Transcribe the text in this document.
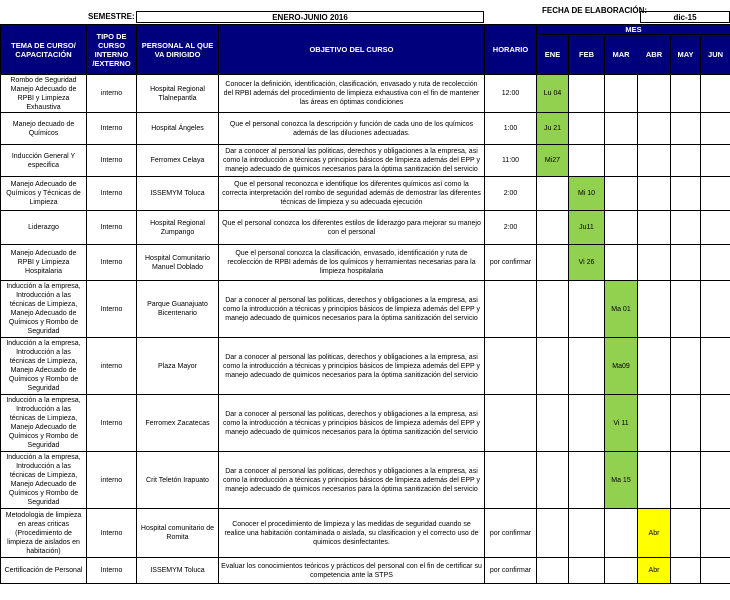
SEMESTRE:	ENERO-JUNIO 2016
FECHA DE ELABORACIÓN:
dic-15
TEMA DE CURSO/ CAPACITACIÓN	TIPO DE CURSO INTERNO /EXTERNO	PERSONAL AL QUE VA DIRIGIDO	OBJETIVO DEL CURSO	HORARIO	MES					
					ENE	FEB	MAR	ABR	MAY	JUN
Rombo de Seguridad Manejo Adecuado de RPBI y Limpieza Exhaustiva	interno	Hospital Regional Tlalnepantla	Conocer la definición, identificación, clasificación, envasado y ruta de recolección del RPBI además del procedimiento de limpieza exhaustiva con el fin de mantener las áreas en óptimas condiciones	12:00	Lu 04					
Manejo decuado de Químicos	Interno	Hospital Ángeles	Que el personal conozca la descripción y función de cada uno de los químicos además de las diluciones adecuadas.	1:00	Ju 21					
Inducción General Y especifica	Interno	Ferromex Celaya	Dar a conocer al personal las politicas, derechos y obligaciones a la empresa, asi como la introducción a técnicas y principios básicos de limpieza además del EPP y manejo adecuado de quimicos necesarios para la óptima sanitización del servicio	11:00	Mi27					
Manejo Adecuado de Químicos y Técnicas de Limpieza	Interno	ISSEMYM Toluca	Que el personal reconozca e identifique los diferentes químicos así como la correcta interpretación del rombo de seguridad además de demostrar las diferentes técnicas de limpieza y su adecuada ejecución	2:00		Mi 10				
Liderazgo	Interno	Hospital Regional Zumpango	Que el personal conozca los diferentes estilos de liderazgo para mejorar su manejo con el personal	2:00		Ju11				
Manejo Adecuado de RPBI y Limpieza Hospitalaria	Interno	Hospital Comunitario Manuel Doblado	Que el personal conozca la clasificación, envasado, identificación y ruta de recolección de RPBI además de los químicos y herramientas necesarias para la limpieza hospitalaria	por confirmar		Vi 26				
Inducción a la empresa, Introducción a las técnicas de Limpieza, Manejo Adecuado de Químicos y Rombo de Seguridad	Interno	Parque Guanajuato Bicentenario	Dar a conocer al personal las politicas, derechos y obligaciones a la empresa, asi como la introducción a técnicas y principios básicos de limpieza además del EPP y manejo adecuado de quimicos necesarios para la óptima sanitización del servicio				Ma 01			
Inducción a la empresa, Introducción a las técnicas de Limpieza, Manejo Adecuado de Químicos y Rombo de Seguridad	interno	Plaza Mayor	Dar a conocer al personal las politicas, derechos y obligaciones a la empresa, asi como la introducción a técnicas y principios básicos de limpieza además del EPP y manejo adecuado de quimicos necesarios para la óptima sanitización del servicio				Ma09			
Inducción a la empresa, Introducción a las técnicas de Limpieza, Manejo Adecuado de Químicos y Rombo de Seguridad	Interno	Ferromex Zacatecas	Dar a conocer al personal las politicas, derechos y obligaciones a la empresa, asi como la introducción a técnicas y principios básicos de limpieza además del EPP y manejo adecuado de quimicos necesarios para la óptima sanitización del servicio				Vi 11			
Inducción a la empresa, Introducción a las técnicas de Limpieza, Manejo Adecuado de Químicos y Rombo de Seguridad	interno	Crit Teletón Irapuato	Dar a conocer al personal las politicas, derechos y obligaciones a la empresa, asi como la introducción a técnicas y principios básicos de limpieza además del EPP y manejo adecuado de quimicos necesarios para la óptima sanitización del servicio				Ma 15			
Metodologia de limpieza en areas criticas (Procedimiento de limpieza de aislados en habitación)	Interno	Hospital comunitario de Romita	Conocer el procedimiento de limpieza y las medidas de seguridad cuando se realice una habitación contaminada o aislada, su clasificacion y el correcto uso de quimicos desinfectantes.	por confirmar				Abr		
Certificación de Personal	Interno	ISSEMYM Toluca	Evaluar los conocimientos teóricos y prácticos del personal con el fin de certificar su competencia ante la STPS	por confirmar				Abr		
